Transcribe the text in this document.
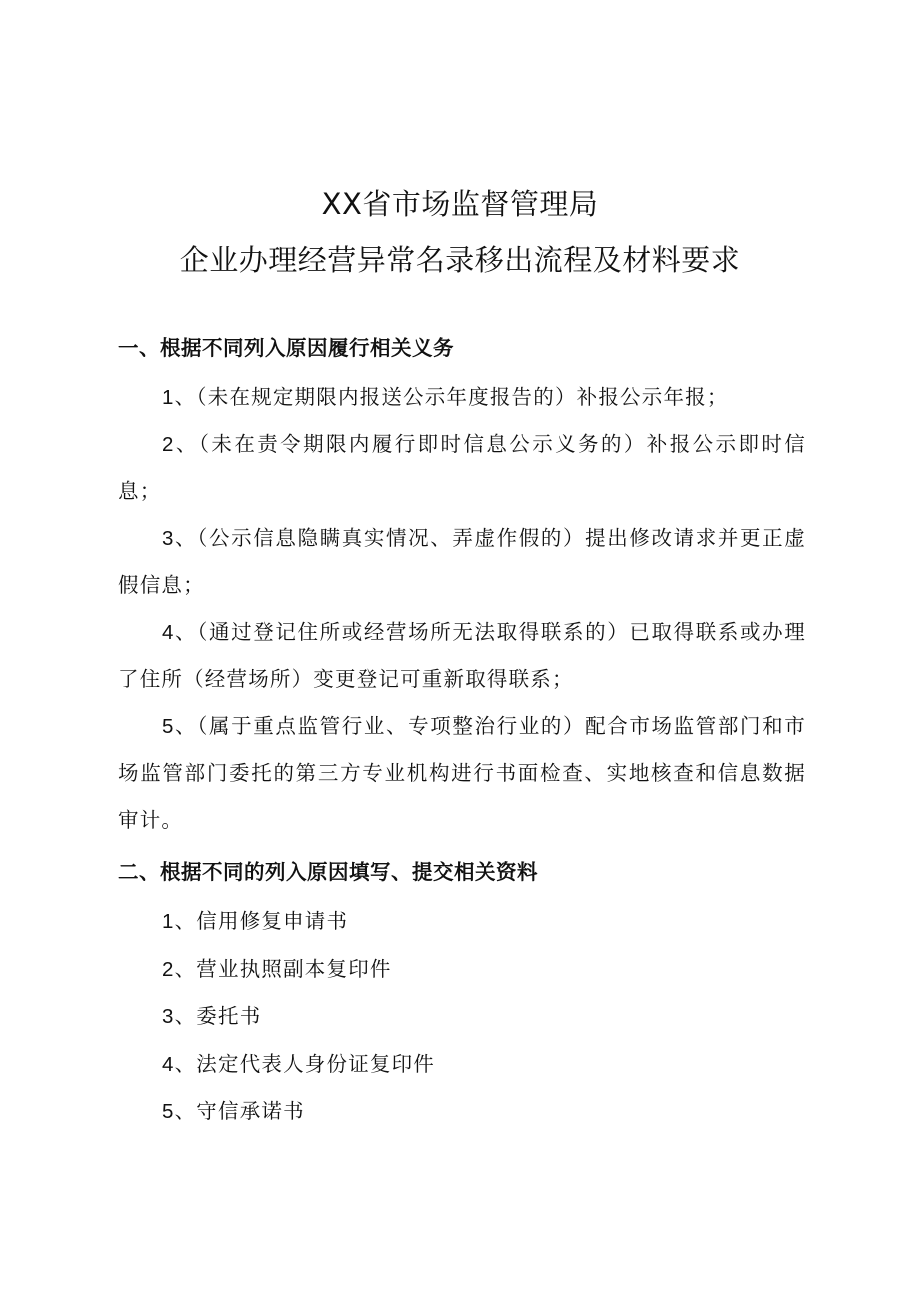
XX省市场监督管理局
企业办理经营异常名录移出流程及材料要求
一、根据不同列入原因履行相关义务
1、（未在规定期限内报送公示年度报告的）补报公示年报；
2、（未在责令期限内履行即时信息公示义务的）补报公示即时信息；
3、（公示信息隐瞒真实情况、弄虚作假的）提出修改请求并更正虚假信息；
4、（通过登记住所或经营场所无法取得联系的）已取得联系或办理了住所（经营场所）变更登记可重新取得联系；
5、（属于重点监管行业、专项整治行业的）配合市场监管部门和市场监管部门委托的第三方专业机构进行书面检查、实地核查和信息数据审计。
二、根据不同的列入原因填写、提交相关资料
1、信用修复申请书
2、营业执照副本复印件
3、委托书
4、法定代表人身份证复印件
5、守信承诺书
